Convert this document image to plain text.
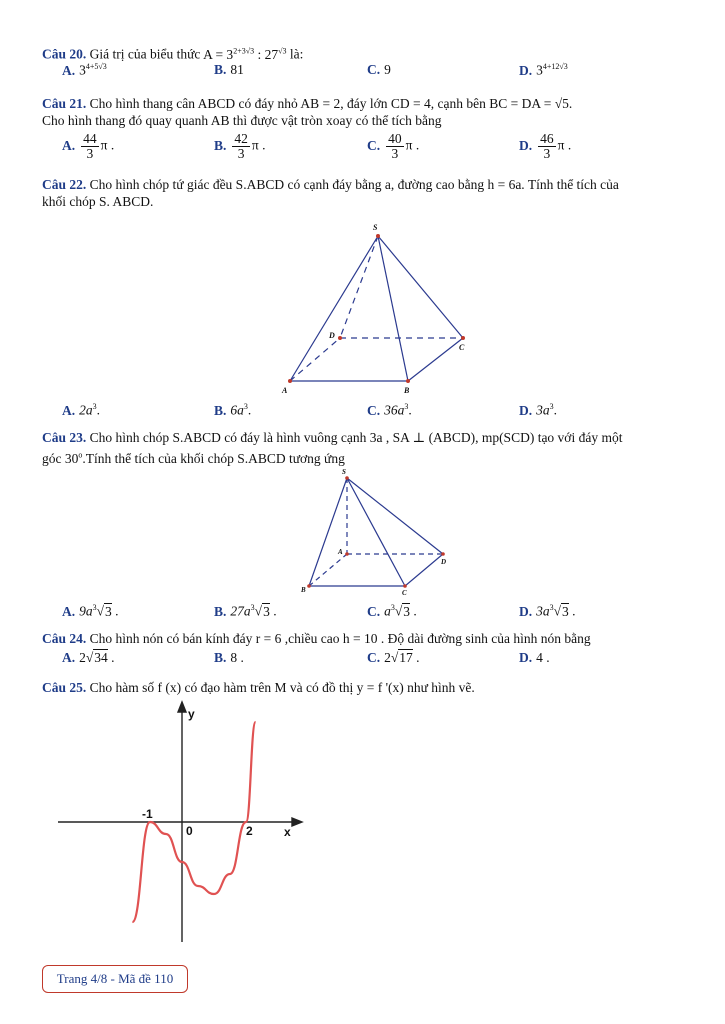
Câu 20. Giá trị của biểu thức $A = 3^{2+3√3}$ : $27^{√3}$ là:
A. $3^{4+5√3}$	B. 81	C. 9	D. $3^{4+12√3}$
Câu 21. Cho hình thang cân ABCD có đáy nhỏ AB = 2, đáy lớn CD = 4, cạnh bên BC = DA = √5.
Cho hình thang đó quay quanh AB thì được vật tròn xoay có thể tích bằng
A. $\frac{44}{3}$ π .	B. $\frac{42}{3}$ π .	C. $\frac{40}{3}$ π .	D. $\frac{46}{3}$ π .
Câu 22. Cho hình chóp tứ giác đều S.ABCD có cạnh đáy bằng a, đường cao bằng h = 6a. Tính thể tích của
khối chóp S. ABCD.
S
A	B
C
D
A. $2a^3$.	B. $6a^3$.	C. $36a^3$.	D. $3a^3$.
Câu 23. Cho hình chóp S.ABCD có đáy là hình vuông cạnh 3a , SA ⊥ (ABCD), mp(SCD) tạo với đáy một
góc 30$^o$.Tính thể tích của khối chóp S.ABCD tương ứng
S
A
B	C
D
A. $9a^3√3$ .	B. $27a^3√3$ .	C. $a^3√3$ .	D. $3a^3√3$ .
Câu 24. Cho hình nón có bán kính đáy r = 6 ,chiều cao h = 10 . Độ dài đường sinh của hình nón bằng
A. 2√34 .	B. 8 .	C. 2√17 .	D. 4 .
Câu 25. Cho hàm số f (x) có đạo hàm trên M và có đồ thị y = f '(x) như hình vẽ.
y
x
-1
0	2
Trang 4/8 - Mã đề 110
